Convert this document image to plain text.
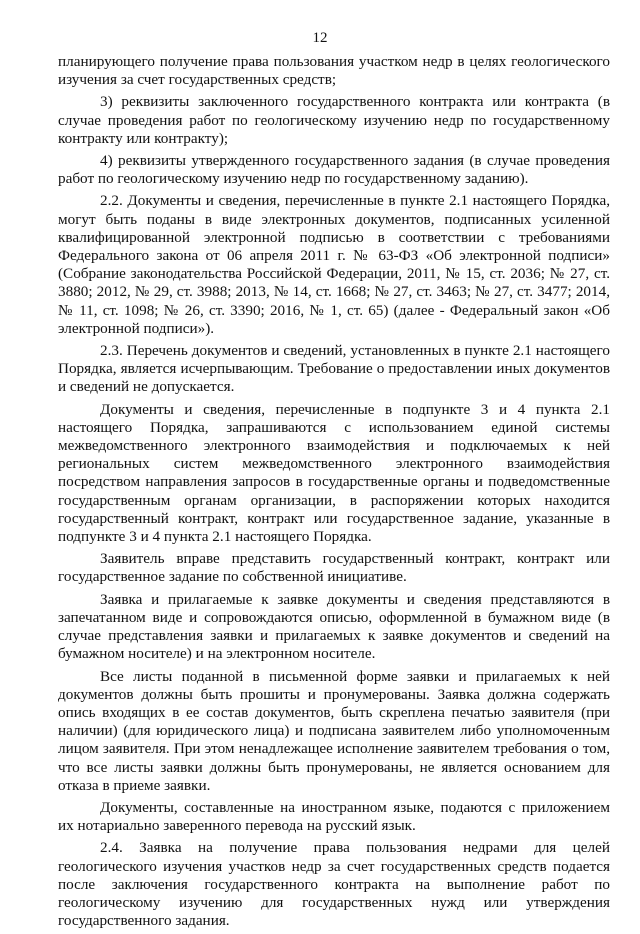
12

планирующего получение права пользования участком недр в целях геологического изучения за счет государственных средств;

3) реквизиты заключенного государственного контракта или контракта (в случае проведения работ по геологическому изучению недр по государственному контракту или контракту);

4) реквизиты утвержденного государственного задания (в случае проведения работ по геологическому изучению недр по государственному заданию).

2.2. Документы и сведения, перечисленные в пункте 2.1 настоящего Порядка, могут быть поданы в виде электронных документов, подписанных усиленной квалифицированной электронной подписью в соответствии с требованиями Федерального закона от 06 апреля 2011 г. № 63-ФЗ «Об электронной подписи» (Собрание законодательства Российской Федерации, 2011, № 15, ст. 2036; № 27, ст. 3880; 2012, № 29, ст. 3988; 2013, № 14, ст. 1668; № 27, ст. 3463; № 27, ст. 3477; 2014, № 11, ст. 1098; № 26, ст. 3390; 2016, № 1, ст. 65) (далее - Федеральный закон «Об электронной подписи»).

2.3. Перечень документов и сведений, установленных в пункте 2.1 настоящего Порядка, является исчерпывающим. Требование о предоставлении иных документов и сведений не допускается.

Документы и сведения, перечисленные в подпункте 3 и 4 пункта 2.1 настоящего Порядка, запрашиваются с использованием единой системы межведомственного электронного взаимодействия и подключаемых к ней региональных систем межведомственного электронного взаимодействия посредством направления запросов в государственные органы и подведомственные государственным органам организации, в распоряжении которых находится государственный контракт, контракт или государственное задание, указанные в подпункте 3 и 4 пункта 2.1 настоящего Порядка.

Заявитель вправе представить государственный контракт, контракт или государственное задание по собственной инициативе.

Заявка и прилагаемые к заявке документы и сведения представляются в запечатанном виде и сопровождаются описью, оформленной в бумажном виде (в случае представления заявки и прилагаемых к заявке документов и сведений на бумажном носителе) и на электронном носителе.

Все листы поданной в письменной форме заявки и прилагаемых к ней документов должны быть прошиты и пронумерованы. Заявка должна содержать опись входящих в ее состав документов, быть скреплена печатью заявителя (при наличии) (для юридического лица) и подписана заявителем либо уполномоченным лицом заявителя. При этом ненадлежащее исполнение заявителем требования о том, что все листы заявки должны быть пронумерованы, не является основанием для отказа в приеме заявки.

Документы, составленные на иностранном языке, подаются с приложением их нотариально заверенного перевода на русский язык.

2.4. Заявка на получение права пользования недрами для целей геологического изучения участков недр за счет государственных средств подается после заключения государственного контракта на выполнение работ по геологическому изучению для государственных нужд или утверждения государственного задания.
